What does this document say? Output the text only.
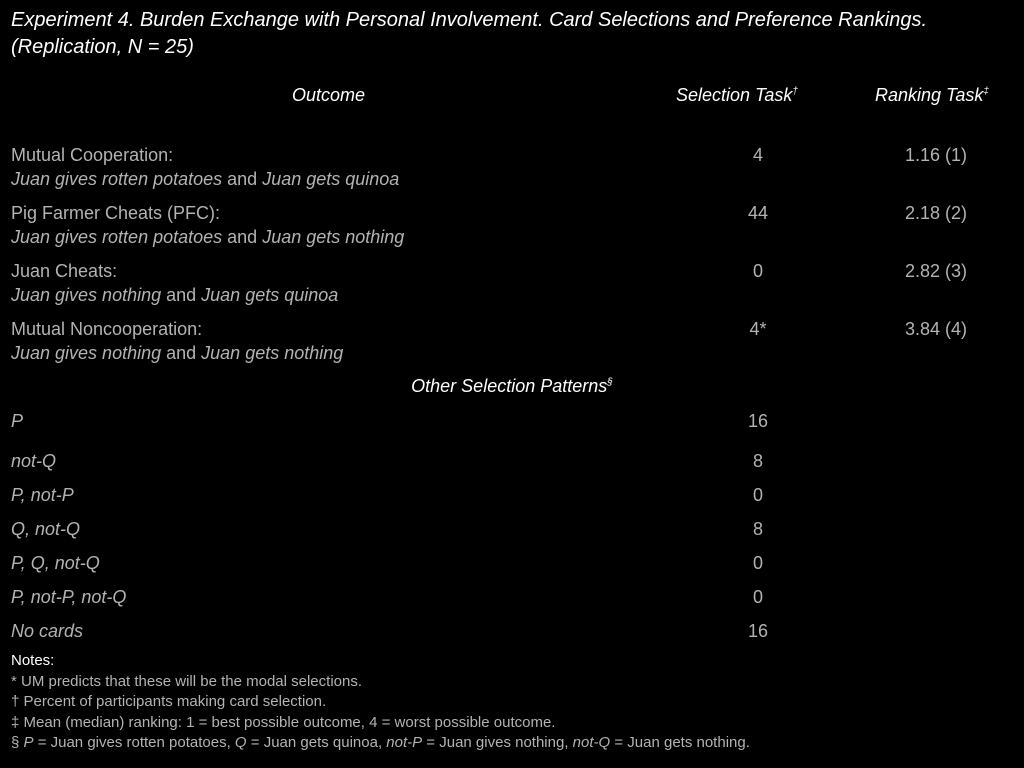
Experiment 4. Burden Exchange with Personal Involvement. Card Selections and Preference Rankings. (Replication, N = 25)
Outcome	Selection Task†	Ranking Task‡
Mutual Cooperation:
Juan gives rotten potatoes and Juan gets quinoa
4	1.16 (1)
Pig Farmer Cheats (PFC):
Juan gives rotten potatoes and Juan gets nothing
44	2.18 (2)
Juan Cheats:
Juan gives nothing and Juan gets quinoa
0	2.82 (3)
Mutual Noncooperation:
Juan gives nothing and Juan gets nothing
4*	3.84 (4)
Other Selection Patterns§
P	16
not-Q	8
P, not-P	0
Q, not-Q	8
P, Q, not-Q	0
P, not-P, not-Q	0
No cards	16
Notes:
* UM predicts that these will be the modal selections.
† Percent of participants making card selection.
‡ Mean (median) ranking: 1 = best possible outcome, 4 = worst possible outcome.
§ P = Juan gives rotten potatoes, Q = Juan gets quinoa, not-P = Juan gives nothing, not-Q = Juan gets nothing.
